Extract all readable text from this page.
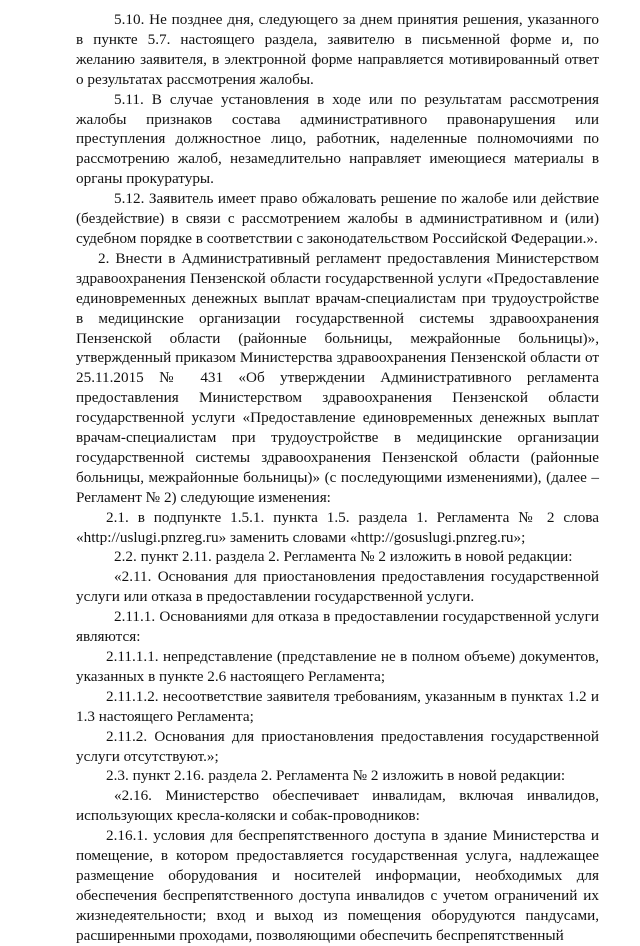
5.10. Не позднее дня, следующего за днем принятия решения, указанного в пункте 5.7. настоящего раздела, заявителю в письменной форме и, по желанию заявителя, в электронной форме направляется мотивированный ответ о результатах рассмотрения жалобы.

5.11. В случае установления в ходе или по результатам рассмотрения жалобы признаков состава административного правонарушения или преступления должностное лицо, работник, наделенные полномочиями по рассмотрению жалоб, незамедлительно направляет имеющиеся материалы в органы прокуратуры.

5.12. Заявитель имеет право обжаловать решение по жалобе или действие (бездействие) в связи с рассмотрением жалобы в административном и (или) судебном порядке в соответствии с законодательством Российской Федерации.».

2. Внести в Административный регламент предоставления Министерством здравоохранения Пензенской области государственной услуги «Предоставление единовременных денежных выплат врачам-специалистам при трудоустройстве в медицинские организации государственной системы здравоохранения Пензенской области (районные больницы, межрайонные больницы)», утвержденный приказом Министерства здравоохранения Пензенской области от 25.11.2015 № 431 «Об утверждении Административного регламента предоставления Министерством здравоохранения Пензенской области государственной услуги «Предоставление единовременных денежных выплат врачам-специалистам при трудоустройстве в медицинские организации государственной системы здравоохранения Пензенской области (районные больницы, межрайонные больницы)» (с последующими изменениями), (далее – Регламент № 2) следующие изменения:

2.1. в подпункте 1.5.1. пункта 1.5. раздела 1. Регламента № 2 слова «http://uslugi.pnzreg.ru» заменить словами «http://gosuslugi.pnzreg.ru»;

2.2. пункт 2.11. раздела 2. Регламента № 2 изложить в новой редакции:

«2.11. Основания для приостановления предоставления государственной услуги или отказа в предоставлении государственной услуги.

2.11.1. Основаниями для отказа в предоставлении государственной услуги являются:

2.11.1.1. непредставление (представление не в полном объеме) документов, указанных в пункте 2.6 настоящего Регламента;

2.11.1.2. несоответствие заявителя требованиям, указанным в пунктах 1.2 и 1.3 настоящего Регламента;

2.11.2. Основания для приостановления предоставления государственной услуги отсутствуют.»;

2.3. пункт 2.16. раздела 2. Регламента № 2 изложить в новой редакции:

«2.16. Министерство обеспечивает инвалидам, включая инвалидов, использующих кресла-коляски и собак-проводников:

2.16.1. условия для беспрепятственного доступа в здание Министерства и помещение, в котором предоставляется государственная услуга, надлежащее размещение оборудования и носителей информации, необходимых для обеспечения беспрепятственного доступа инвалидов с учетом ограничений их жизнедеятельности; вход и выход из помещения оборудуются пандусами, расширенными проходами, позволяющими обеспечить беспрепятственный
